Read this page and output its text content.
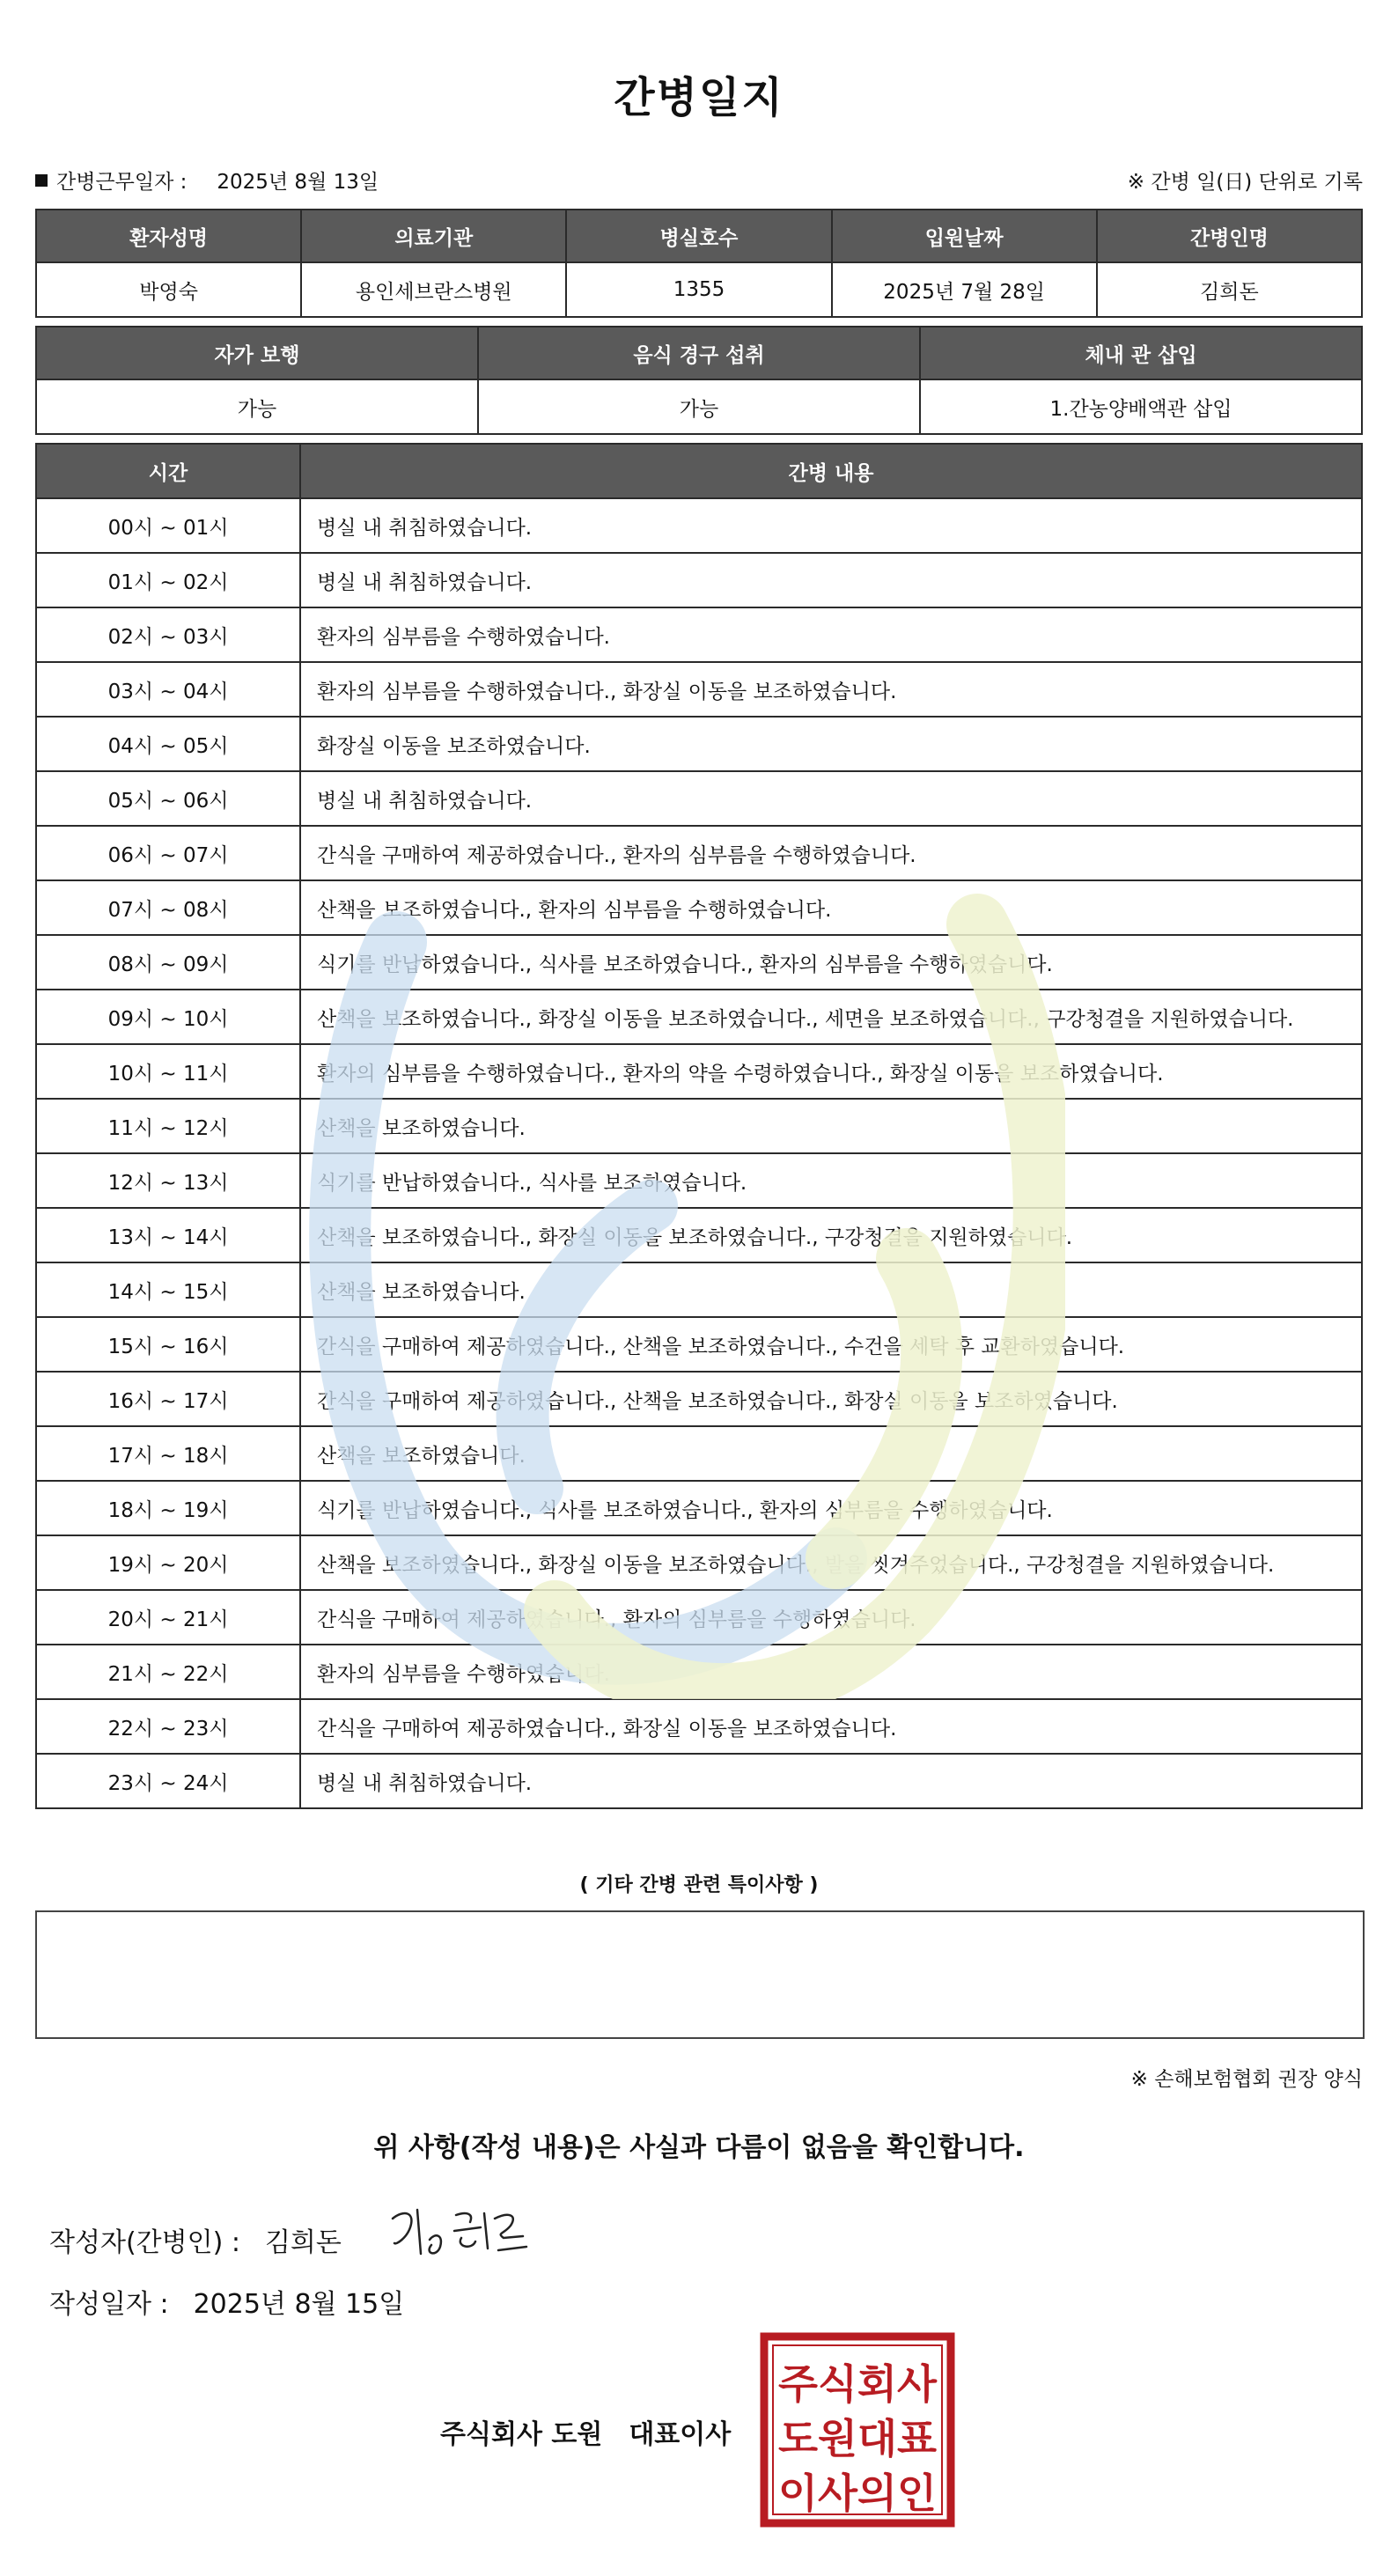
간병일지
간병근무일자 : 2025년 8월 13일	※ 간병 일(日) 단위로 기록
환자성명	의료기관	병실호수	입원날짜	간병인명
박영숙	용인세브란스병원	1355	2025년 7월 28일	김희돈
자가 보행	음식 경구 섭취	체내 관 삽입
가능	가능	1.간농양배액관 삽입
시간	간병 내용
00시 ~ 01시	병실 내 취침하였습니다.
01시 ~ 02시	병실 내 취침하였습니다.
02시 ~ 03시	환자의 심부름을 수행하였습니다.
03시 ~ 04시	환자의 심부름을 수행하였습니다., 화장실 이동을 보조하였습니다.
04시 ~ 05시	화장실 이동을 보조하였습니다.
05시 ~ 06시	병실 내 취침하였습니다.
06시 ~ 07시	간식을 구매하여 제공하였습니다., 환자의 심부름을 수행하였습니다.
07시 ~ 08시	산책을 보조하였습니다., 환자의 심부름을 수행하였습니다.
08시 ~ 09시	식기를 반납하였습니다., 식사를 보조하였습니다., 환자의 심부름을 수행하였습니다.
09시 ~ 10시	산책을 보조하였습니다., 화장실 이동을 보조하였습니다., 세면을 보조하였습니다., 구강청결을 지원하였습니다.
10시 ~ 11시	환자의 심부름을 수행하였습니다., 환자의 약을 수령하였습니다., 화장실 이동을 보조하였습니다.
11시 ~ 12시	산책을 보조하였습니다.
12시 ~ 13시	식기를 반납하였습니다., 식사를 보조하였습니다.
13시 ~ 14시	산책을 보조하였습니다., 화장실 이동을 보조하였습니다., 구강청결을 지원하였습니다.
14시 ~ 15시	산책을 보조하였습니다.
15시 ~ 16시	간식을 구매하여 제공하였습니다., 산책을 보조하였습니다., 수건을 세탁 후 교환하였습니다.
16시 ~ 17시	간식을 구매하여 제공하였습니다., 산책을 보조하였습니다., 화장실 이동을 보조하였습니다.
17시 ~ 18시	산책을 보조하였습니다.
18시 ~ 19시	식기를 반납하였습니다., 식사를 보조하였습니다., 환자의 심부름을 수행하였습니다.
19시 ~ 20시	산책을 보조하였습니다., 화장실 이동을 보조하였습니다., 발을 씻겨주었습니다., 구강청결을 지원하였습니다.
20시 ~ 21시	간식을 구매하여 제공하였습니다., 환자의 심부름을 수행하였습니다.
21시 ~ 22시	환자의 심부름을 수행하였습니다.
22시 ~ 23시	간식을 구매하여 제공하였습니다., 화장실 이동을 보조하였습니다.
23시 ~ 24시	병실 내 취침하였습니다.
( 기타 간병 관련 특이사항 )
※ 손해보험협회 권장 양식
위 사항(작성 내용)은 사실과 다름이 없음을 확인합니다.
작성자(간병인) : 김희돈
작성일자 : 2025년 8월 15일
주식회사 도원 대표이사
주식회사
도원대표
이사의인
